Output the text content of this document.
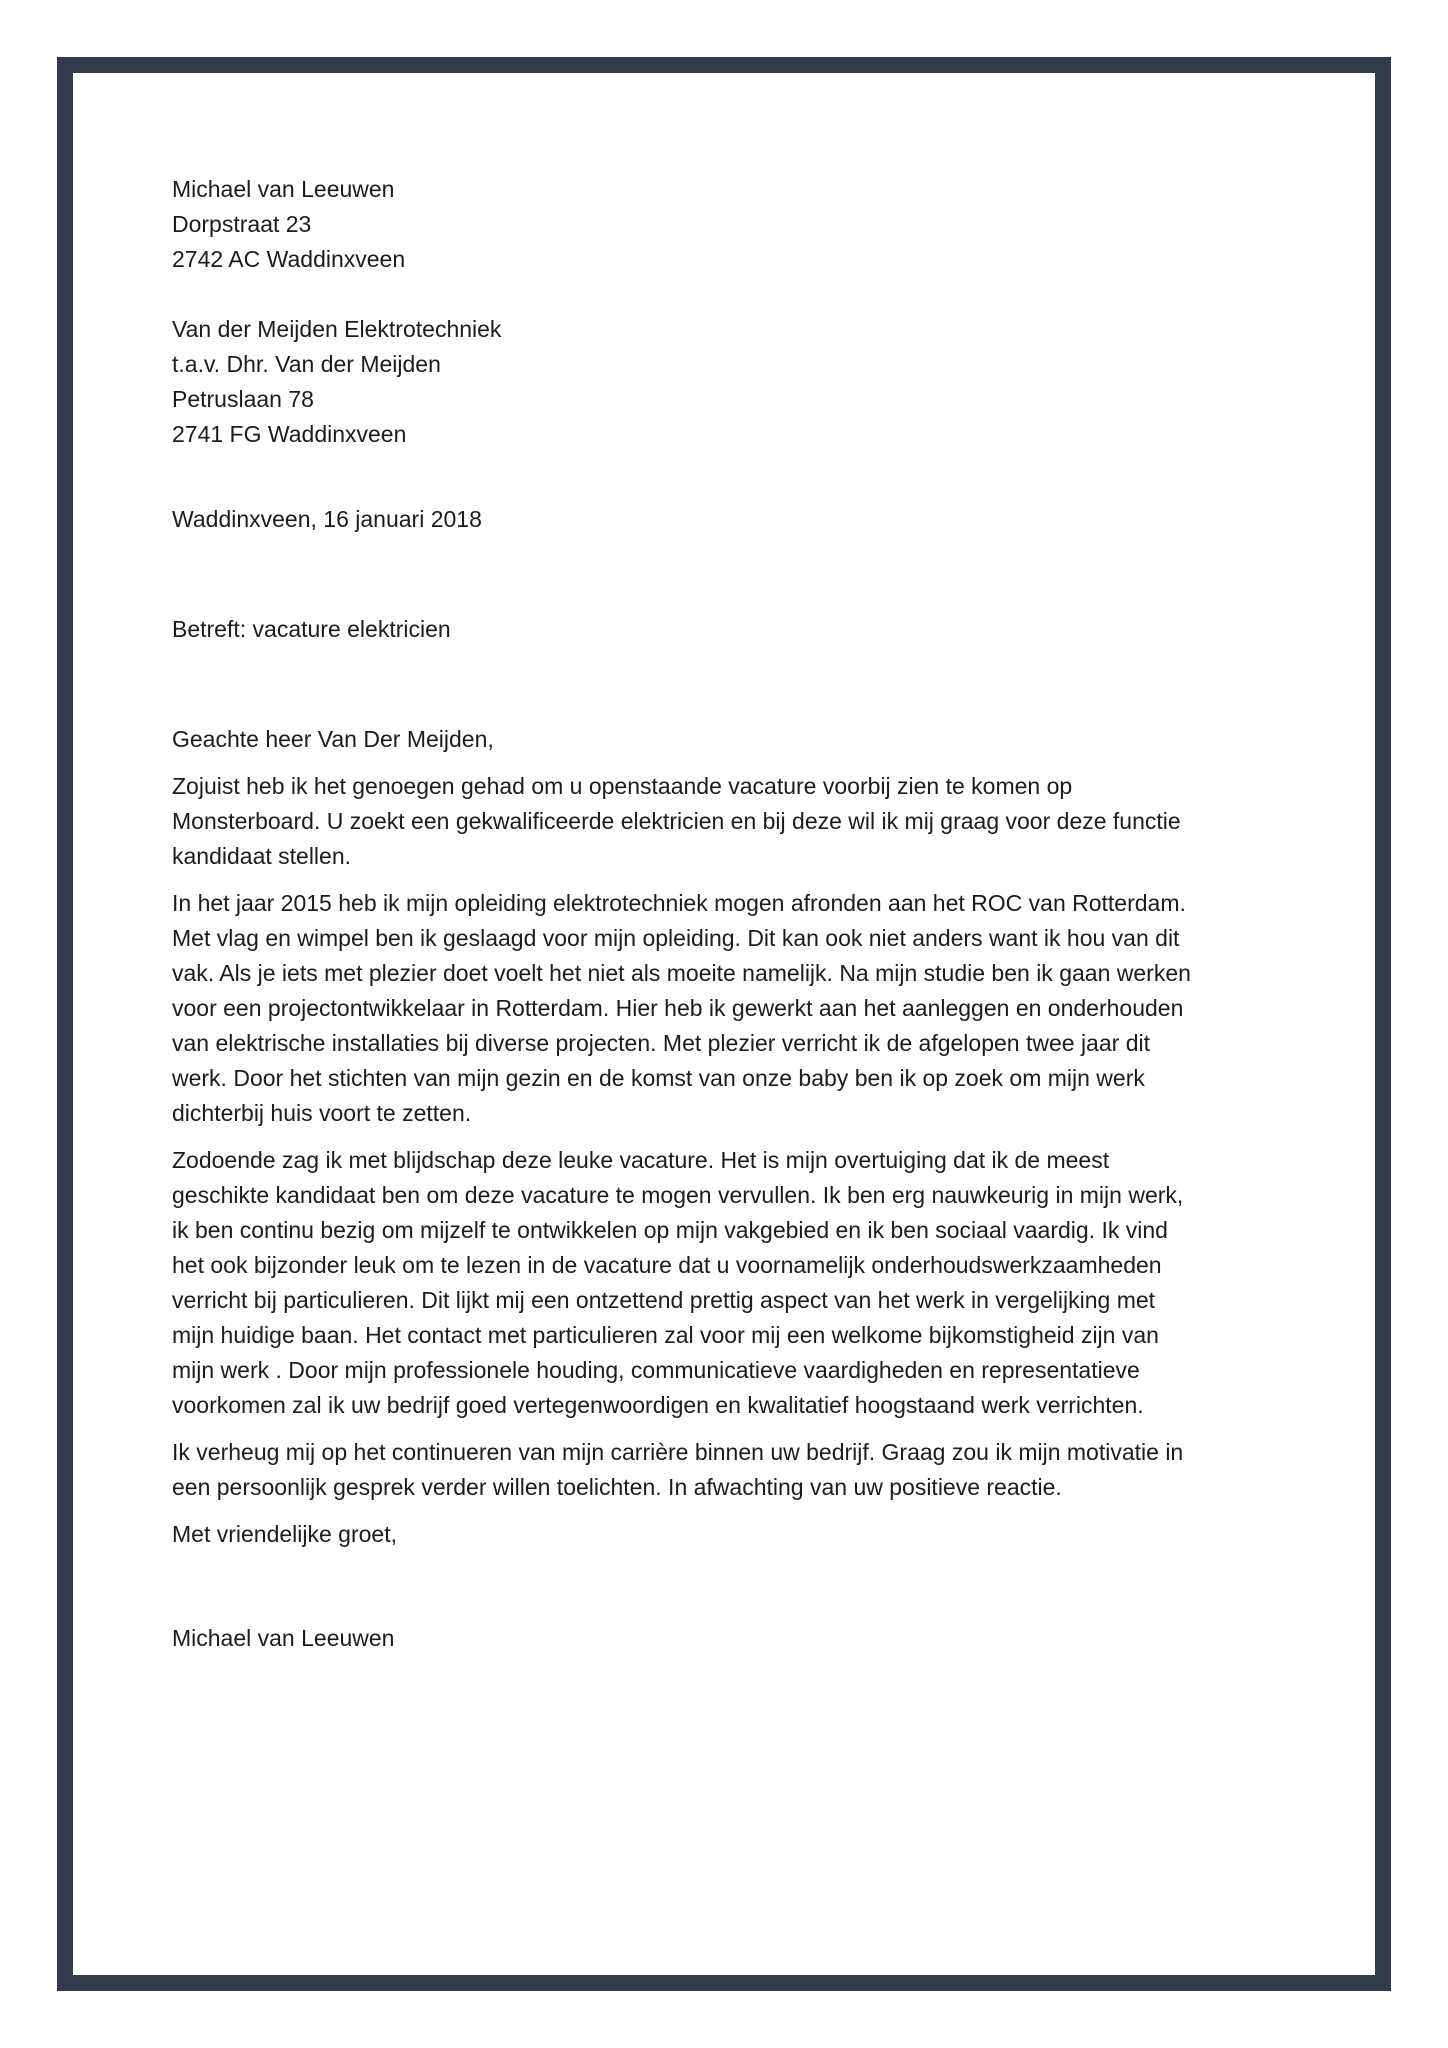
Michael van Leeuwen
Dorpstraat 23
2742 AC Waddinxveen
Van der Meijden Elektrotechniek
t.a.v. Dhr. Van der Meijden
Petruslaan 78
2741 FG Waddinxveen
Waddinxveen, 16 januari 2018
Betreft: vacature elektricien
Geachte heer Van Der Meijden,
Zojuist heb ik het genoegen gehad om u openstaande vacature voorbij zien te komen op
Monsterboard. U zoekt een gekwalificeerde elektricien en bij deze wil ik mij graag voor deze functie
kandidaat stellen.
In het jaar 2015 heb ik mijn opleiding elektrotechniek mogen afronden aan het ROC van Rotterdam.
Met vlag en wimpel ben ik geslaagd voor mijn opleiding. Dit kan ook niet anders want ik hou van dit
vak. Als je iets met plezier doet voelt het niet als moeite namelijk. Na mijn studie ben ik gaan werken
voor een projectontwikkelaar in Rotterdam. Hier heb ik gewerkt aan het aanleggen en onderhouden
van elektrische installaties bij diverse projecten. Met plezier verricht ik de afgelopen twee jaar dit
werk. Door het stichten van mijn gezin en de komst van onze baby ben ik op zoek om mijn werk
dichterbij huis voort te zetten.
Zodoende zag ik met blijdschap deze leuke vacature. Het is mijn overtuiging dat ik de meest
geschikte kandidaat ben om deze vacature te mogen vervullen. Ik ben erg nauwkeurig in mijn werk,
ik ben continu bezig om mijzelf te ontwikkelen op mijn vakgebied en ik ben sociaal vaardig. Ik vind
het ook bijzonder leuk om te lezen in de vacature dat u voornamelijk onderhoudswerkzaamheden
verricht bij particulieren. Dit lijkt mij een ontzettend prettig aspect van het werk in vergelijking met
mijn huidige baan. Het contact met particulieren zal voor mij een welkome bijkomstigheid zijn van
mijn werk . Door mijn professionele houding, communicatieve vaardigheden en representatieve
voorkomen zal ik uw bedrijf goed vertegenwoordigen en kwalitatief hoogstaand werk verrichten.
Ik verheug mij op het continueren van mijn carrière binnen uw bedrijf. Graag zou ik mijn motivatie in
een persoonlijk gesprek verder willen toelichten. In afwachting van uw positieve reactie.
Met vriendelijke groet,
Michael van Leeuwen
